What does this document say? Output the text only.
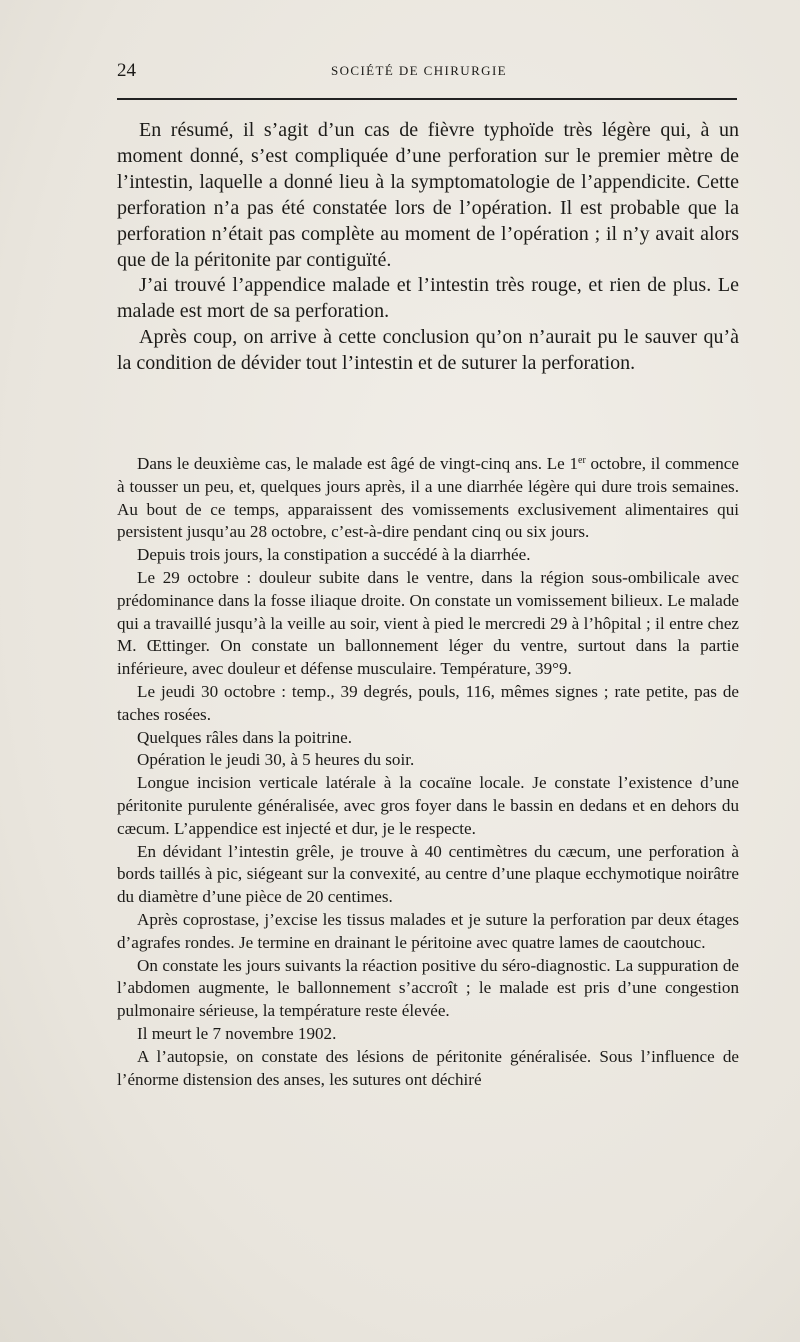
24	SOCIÉTÉ DE CHIRURGIE

En résumé, il s’agit d’un cas de fièvre typhoïde très légère qui, à un moment donné, s’est compliquée d’une perforation sur le premier mètre de l’intestin, laquelle a donné lieu à la symptomatologie de l’appendicite. Cette perforation n’a pas été constatée lors de l’opération. Il est probable que la perforation n’était pas complète au moment de l’opération ; il n’y avait alors que de la péritonite par contiguïté.

J’ai trouvé l’appendice malade et l’intestin très rouge, et rien de plus. Le malade est mort de sa perforation.

Après coup, on arrive à cette conclusion qu’on n’aurait pu le sauver qu’à la condition de dévider tout l’intestin et de suturer la perforation.

Dans le deuxième cas, le malade est âgé de vingt-cinq ans. Le 1er octobre, il commence à tousser un peu, et, quelques jours après, il a une diarrhée légère qui dure trois semaines. Au bout de ce temps, apparaissent des vomissements exclusivement alimentaires qui persistent jusqu’au 28 octobre, c’est-à-dire pendant cinq ou six jours.

Depuis trois jours, la constipation a succédé à la diarrhée.

Le 29 octobre : douleur subite dans le ventre, dans la région sous-ombilicale avec prédominance dans la fosse iliaque droite. On constate un vomissement bilieux. Le malade qui a travaillé jusqu’à la veille au soir, vient à pied le mercredi 29 à l’hôpital ; il entre chez M. Œttinger. On constate un ballonnement léger du ventre, surtout dans la partie inférieure, avec douleur et défense musculaire. Température, 39°9.

Le jeudi 30 octobre : temp., 39 degrés, pouls, 116, mêmes signes ; rate petite, pas de taches rosées.

Quelques râles dans la poitrine.

Opération le jeudi 30, à 5 heures du soir.

Longue incision verticale latérale à la cocaïne locale. Je constate l’existence d’une péritonite purulente généralisée, avec gros foyer dans le bassin en dedans et en dehors du cæcum. L’appendice est injecté et dur, je le respecte.

En dévidant l’intestin grêle, je trouve à 40 centimètres du cæcum, une perforation à bords taillés à pic, siégeant sur la convexité, au centre d’une plaque ecchymotique noirâtre du diamètre d’une pièce de 20 centimes.

Après coprostase, j’excise les tissus malades et je suture la perforation par deux étages d’agrafes rondes. Je termine en drainant le péritoine avec quatre lames de caoutchouc.

On constate les jours suivants la réaction positive du séro-diagnostic. La suppuration de l’abdomen augmente, le ballonnement s’accroît ; le malade est pris d’une congestion pulmonaire sérieuse, la température reste élevée.

Il meurt le 7 novembre 1902.

A l’autopsie, on constate des lésions de péritonite généralisée. Sous l’influence de l’énorme distension des anses, les sutures ont déchiré
